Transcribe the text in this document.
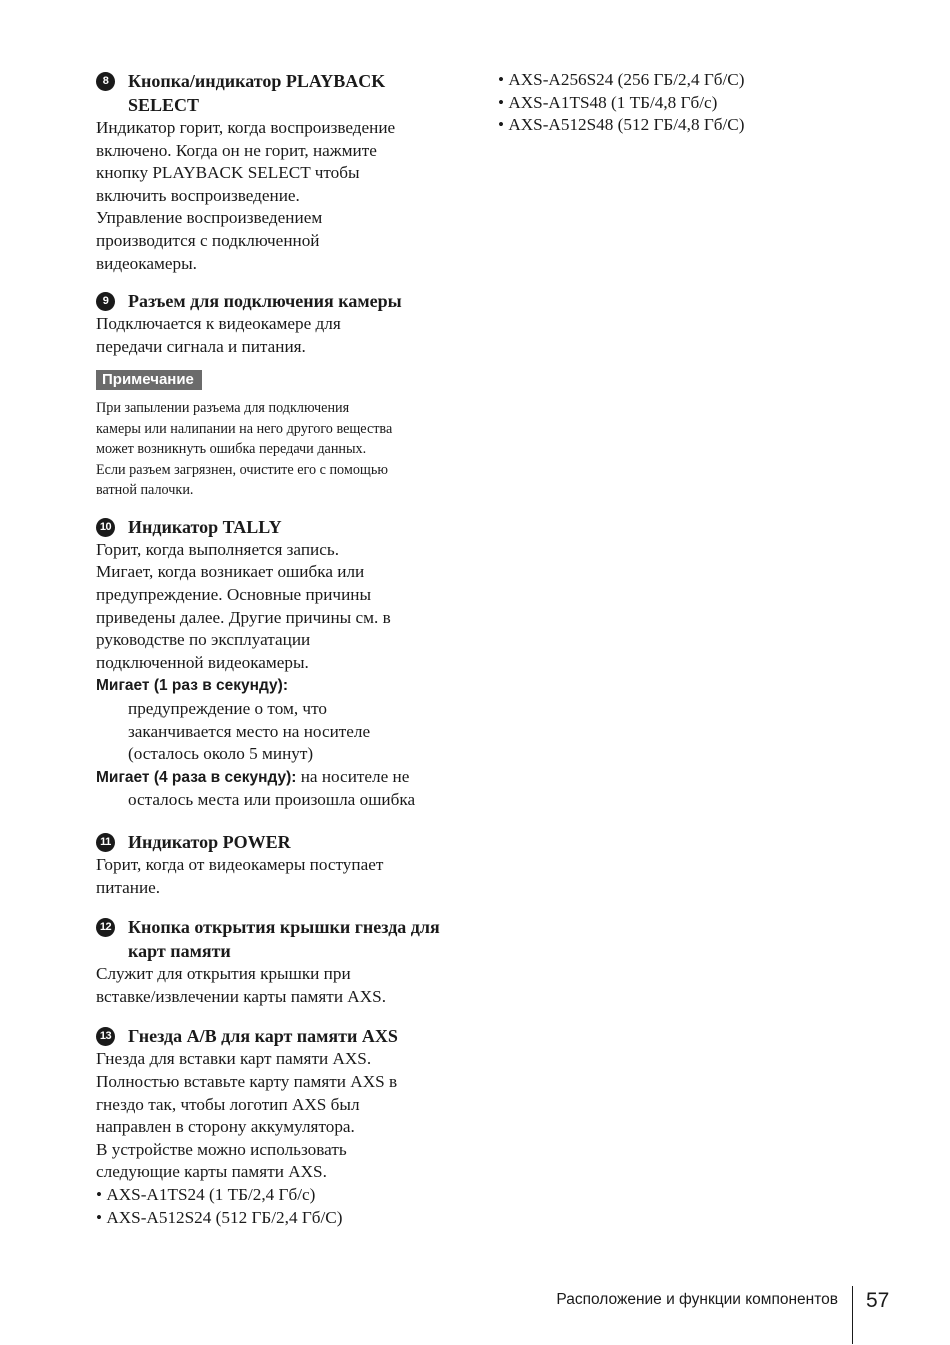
8	Кнопка/индикатор PLAYBACK SELECT

Индикатор горит, когда воспроизведение
включено. Когда он не горит, нажмите
кнопку PLAYBACK SELECT чтобы
включить воспроизведение.
Управление воспроизведением
производится с подключенной
видеокамеры.

9	Разъем для подключения камеры

Подключается к видеокамере для
передачи сигнала и питания.

Примечание

При запылении разъема для подключения
камеры или налипании на него другого вещества
может возникнуть ошибка передачи данных.
Если разъем загрязнен, очистите его с помощью
ватной палочки.

10 Индикатор TALLY

Горит, когда выполняется запись.
Мигает, когда возникает ошибка или
предупреждение. Основные причины
приведены далее. Другие причины см. в
руководстве по эксплуатации
подключенной видеокамеры.

Мигает (1 раз в секунду):

предупреждение о том, что
заканчивается место на носителе
(осталось около 5 минут)

Мигает (4 раза в секунду): на носителе не

осталось места или произошла ошибка

11 Индикатор POWER

Горит, когда от видеокамеры поступает
питание.

12 Кнопка открытия крышки гнезда для карт памяти

Служит для открытия крышки при
вставке/извлечении карты памяти AXS.

13 Гнезда A/B для карт памяти AXS

Гнезда для вставки карт памяти AXS.
Полностью вставьте карту памяти AXS в
гнездо так, чтобы логотип AXS был
направлен в сторону аккумулятора.
В устройстве можно использовать
следующие карты памяти AXS.

• AXS-A1TS24 (1 ТБ/2,4 Гб/с)
• AXS-A512S24 (512 ГБ/2,4 Гб/С)
• AXS-A256S24 (256 ГБ/2,4 Гб/С)
• AXS-A1TS48 (1 ТБ/4,8 Гб/с)
• AXS-A512S48 (512 ГБ/4,8 Гб/С)
Расположение и функции компонентов 57
